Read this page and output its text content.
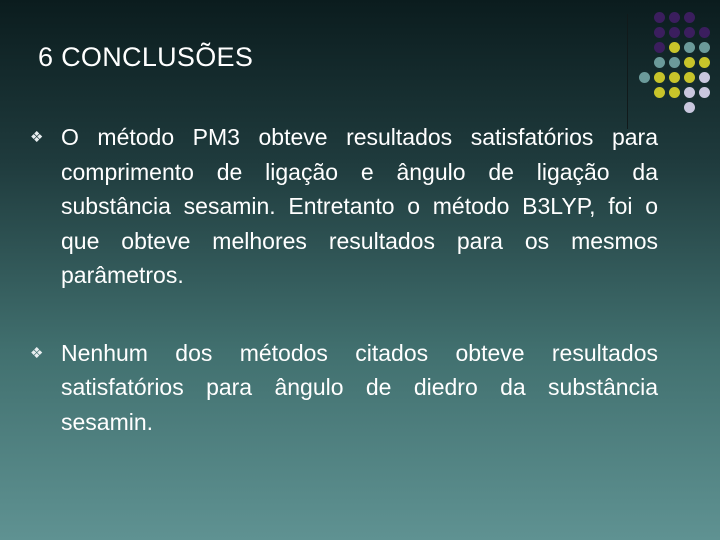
6 CONCLUSÕES
❖ O método PM3 obteve resultados satisfatórios para comprimento de ligação e ângulo de ligação da substância sesamin. Entretanto o método B3LYP, foi o que obteve melhores resultados para os mesmos parâmetros.

❖ Nenhum dos métodos citados obteve resultados satisfatórios para ângulo de diedro da substância sesamin.
